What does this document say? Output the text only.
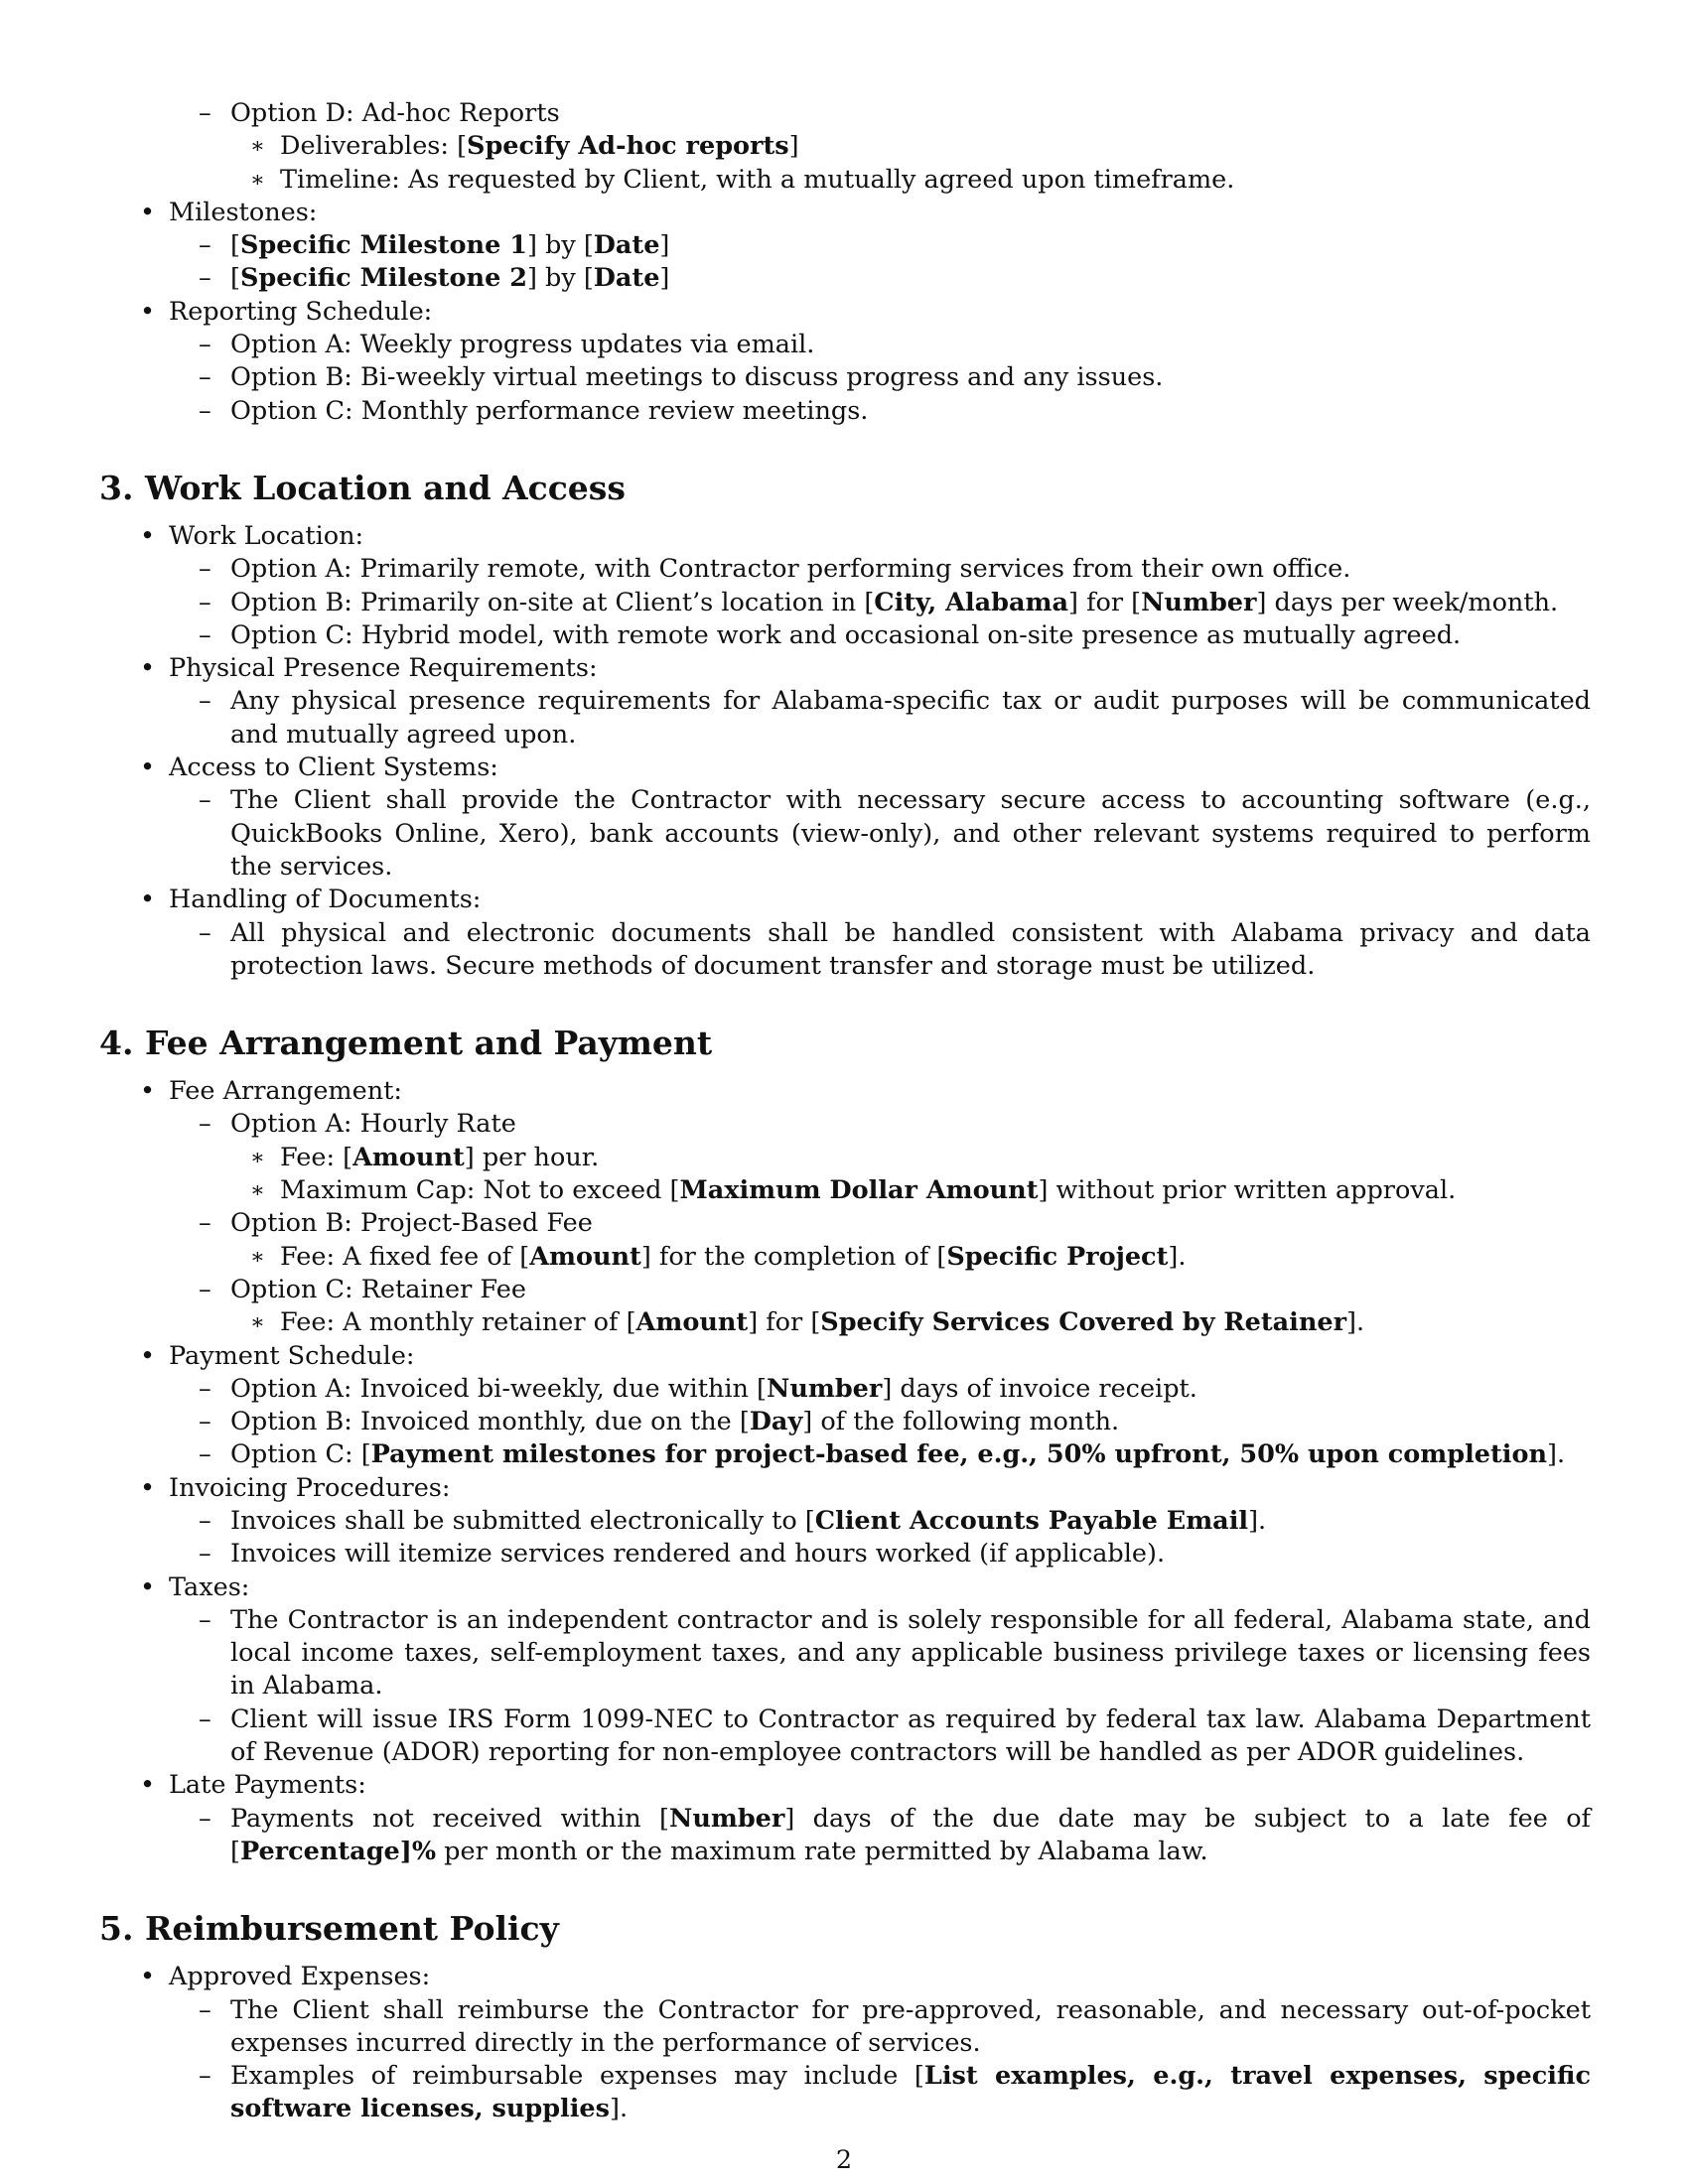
– Option D: Ad-hoc Reports
∗ Deliverables: [Specify Ad-hoc reports]
∗ Timeline: As requested by Client, with a mutually agreed upon timeframe.
• Milestones:
– [Specific Milestone 1] by [Date]
– [Specific Milestone 2] by [Date]
• Reporting Schedule:
– Option A: Weekly progress updates via email.
– Option B: Bi-weekly virtual meetings to discuss progress and any issues.
– Option C: Monthly performance review meetings.
3. Work Location and Access
• Work Location:
– Option A: Primarily remote, with Contractor performing services from their own office.
– Option B: Primarily on-site at Client’s location in [City, Alabama] for [Number] days per week/month.
– Option C: Hybrid model, with remote work and occasional on-site presence as mutually agreed.
• Physical Presence Requirements:
– Any physical presence requirements for Alabama-specific tax or audit purposes will be communicated and mutually agreed upon.
• Access to Client Systems:
– The Client shall provide the Contractor with necessary secure access to accounting software (e.g., QuickBooks Online, Xero), bank accounts (view-only), and other relevant systems required to perform the services.
• Handling of Documents:
– All physical and electronic documents shall be handled consistent with Alabama privacy and data protection laws. Secure methods of document transfer and storage must be utilized.
4. Fee Arrangement and Payment
• Fee Arrangement:
– Option A: Hourly Rate
∗ Fee: [Amount] per hour.
∗ Maximum Cap: Not to exceed [Maximum Dollar Amount] without prior written approval.
– Option B: Project-Based Fee
∗ Fee: A fixed fee of [Amount] for the completion of [Specific Project].
– Option C: Retainer Fee
∗ Fee: A monthly retainer of [Amount] for [Specify Services Covered by Retainer].
• Payment Schedule:
– Option A: Invoiced bi-weekly, due within [Number] days of invoice receipt.
– Option B: Invoiced monthly, due on the [Day] of the following month.
– Option C: [Payment milestones for project-based fee, e.g., 50% upfront, 50% upon completion].
• Invoicing Procedures:
– Invoices shall be submitted electronically to [Client Accounts Payable Email].
– Invoices will itemize services rendered and hours worked (if applicable).
• Taxes:
– The Contractor is an independent contractor and is solely responsible for all federal, Alabama state, and local income taxes, self-employment taxes, and any applicable business privilege taxes or licensing fees in Alabama.
– Client will issue IRS Form 1099-NEC to Contractor as required by federal tax law. Alabama Department of Revenue (ADOR) reporting for non-employee contractors will be handled as per ADOR guidelines.
• Late Payments:
– Payments not received within [Number] days of the due date may be subject to a late fee of [Percentage]% per month or the maximum rate permitted by Alabama law.
5. Reimbursement Policy
• Approved Expenses:
– The Client shall reimburse the Contractor for pre-approved, reasonable, and necessary out-of-pocket expenses incurred directly in the performance of services.
– Examples of reimbursable expenses may include [List examples, e.g., travel expenses, specific software licenses, supplies].
2
